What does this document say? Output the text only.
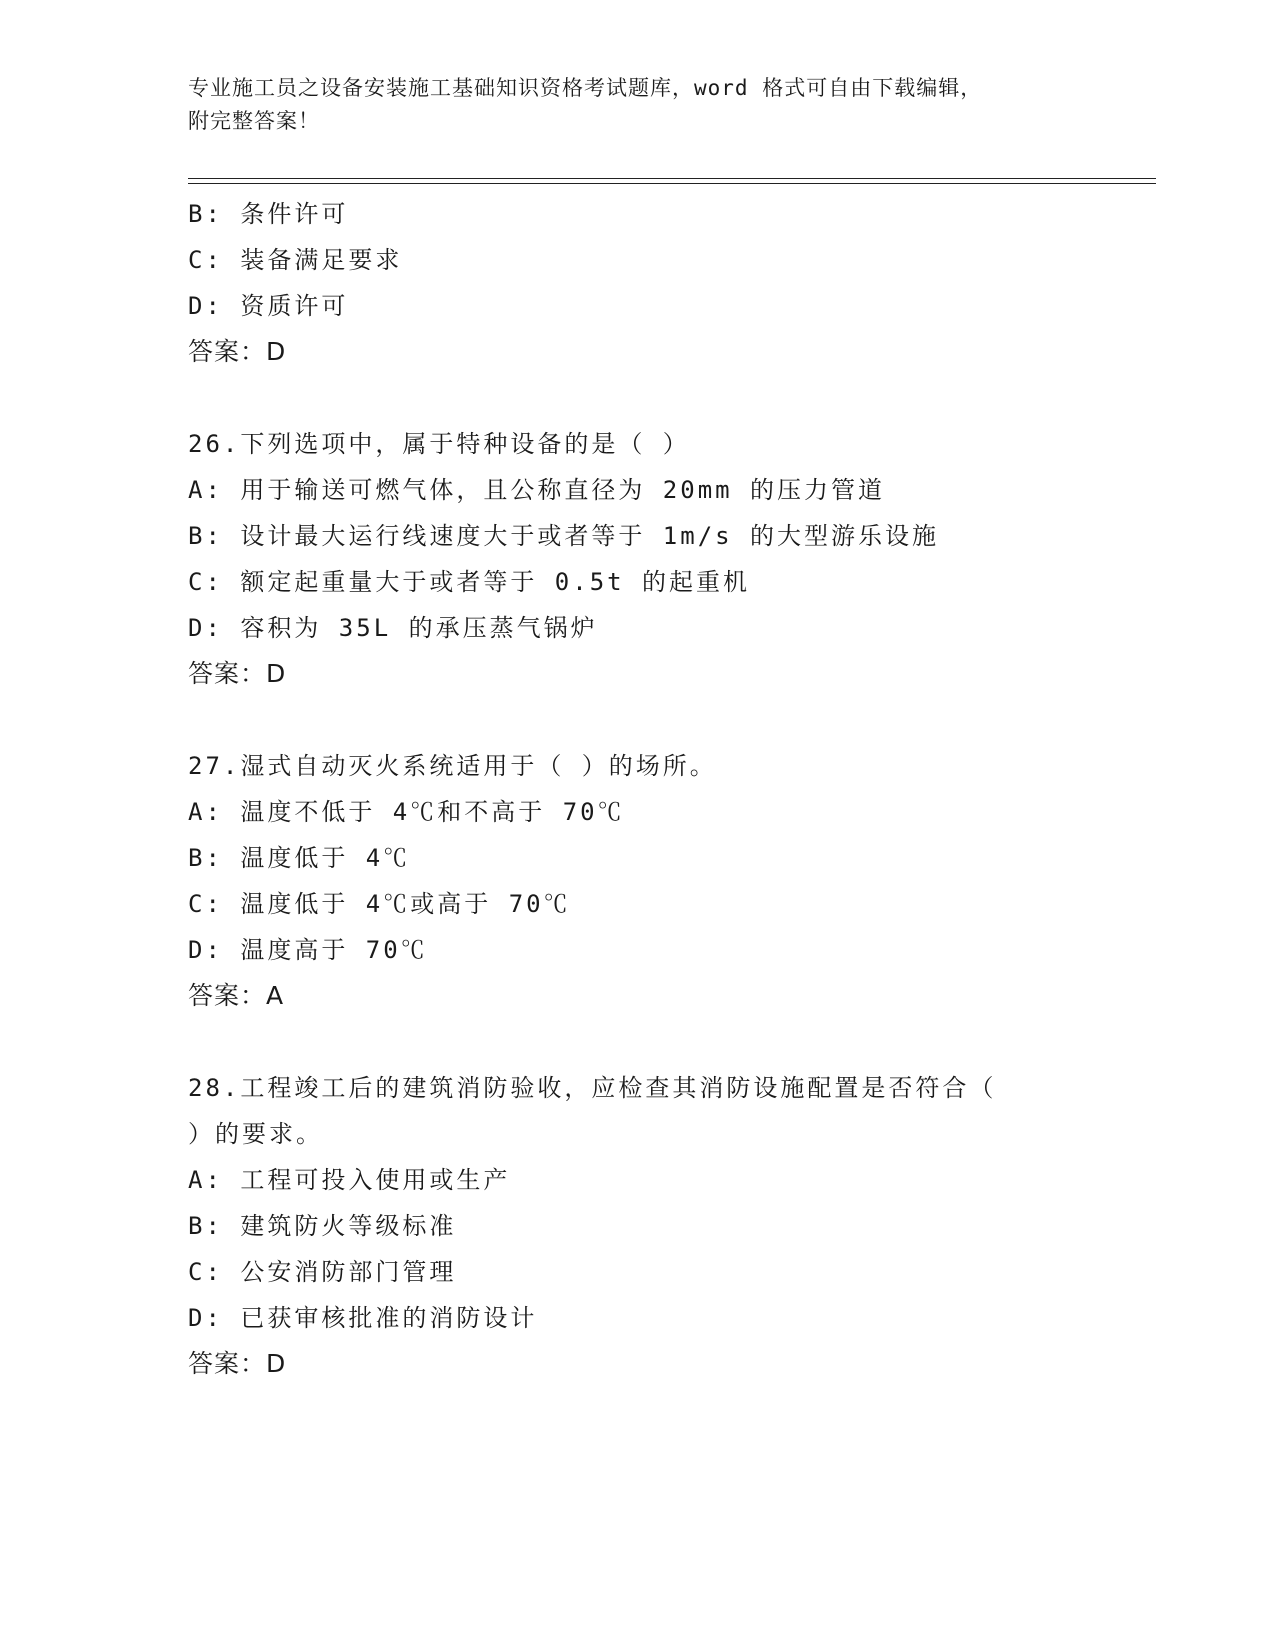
专业施工员之设备安装施工基础知识资格考试题库，word 格式可自由下载编辑，
附完整答案！
B: 条件许可
C: 装备满足要求
D: 资质许可
答案：D
26.下列选项中，属于特种设备的是（ ）
A: 用于输送可燃气体，且公称直径为 20mm 的压力管道
B: 设计最大运行线速度大于或者等于 1m/s 的大型游乐设施
C: 额定起重量大于或者等于 0.5t 的起重机
D: 容积为 35L 的承压蒸气锅炉
答案：D
27.湿式自动灭火系统适用于（ ）的场所。
A: 温度不低于 4℃和不高于 70℃
B: 温度低于 4℃
C: 温度低于 4℃或高于 70℃
D: 温度高于 70℃
答案：A
28.工程竣工后的建筑消防验收，应检查其消防设施配置是否符合（
）的要求。
A: 工程可投入使用或生产
B: 建筑防火等级标准
C: 公安消防部门管理
D: 已获审核批准的消防设计
答案：D
